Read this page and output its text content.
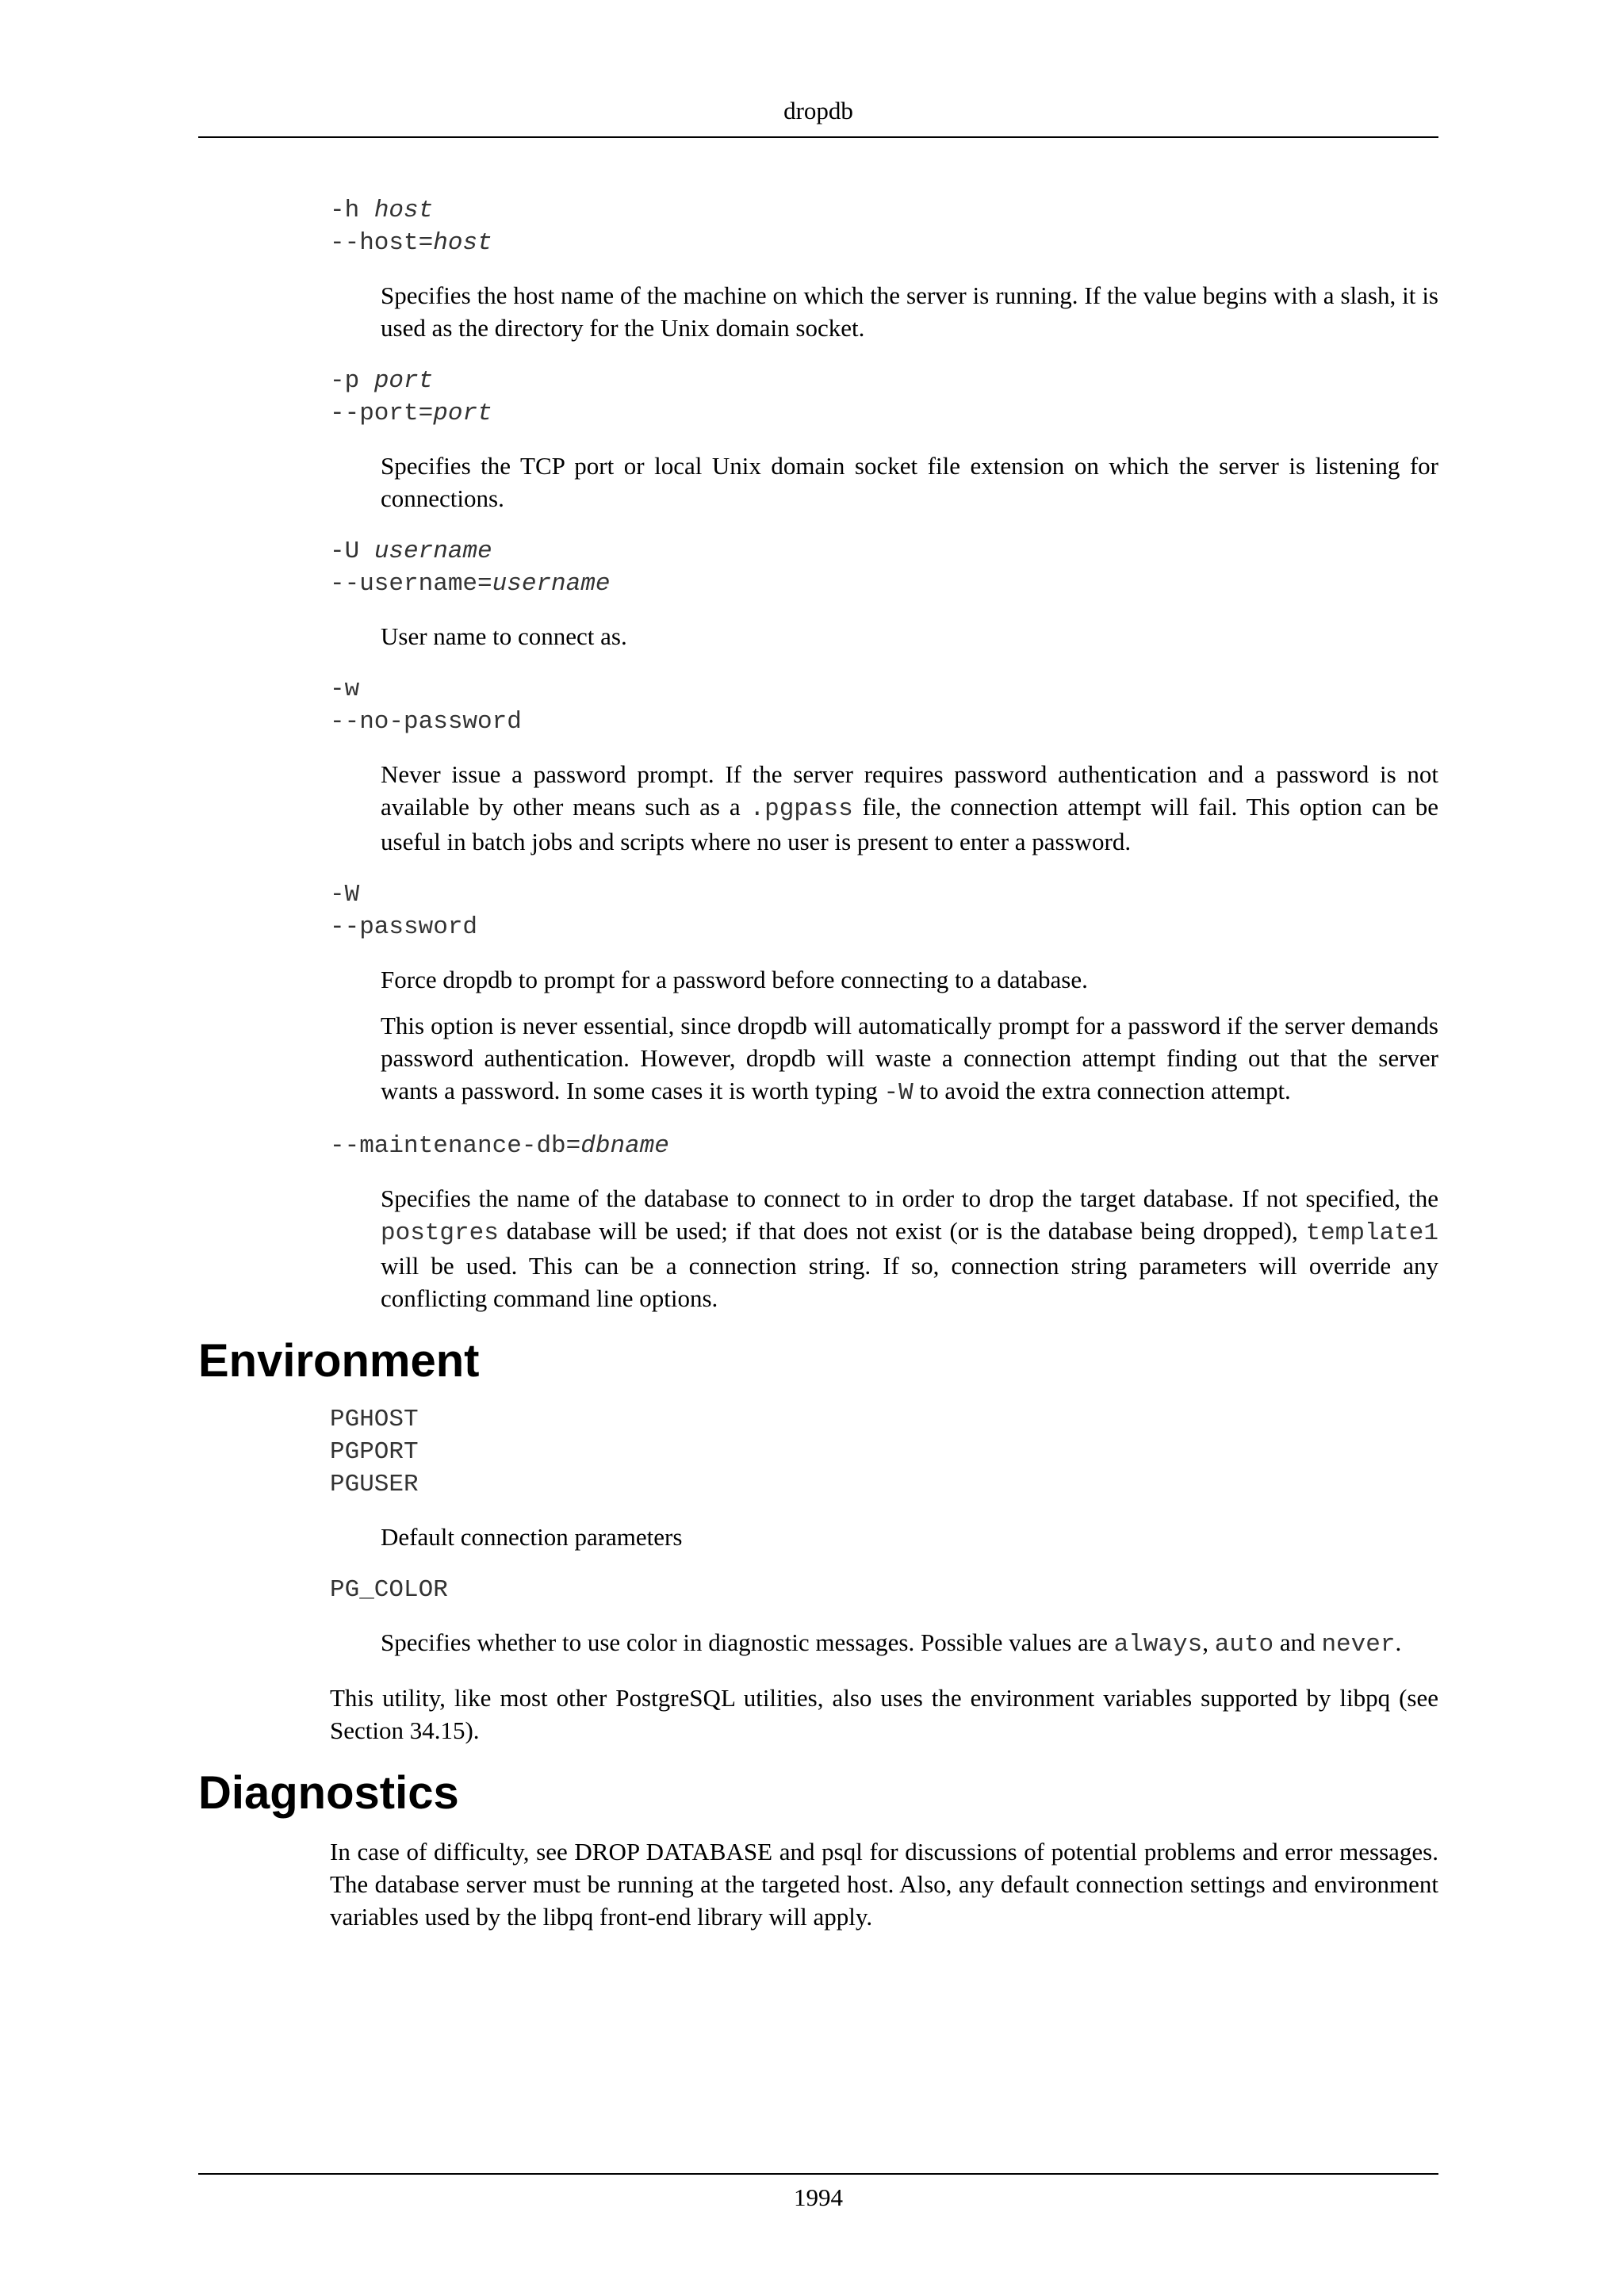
dropdb
-h host
--host=host

Specifies the host name of the machine on which the server is running. If the value begins with a slash, it is used as the directory for the Unix domain socket.

-p port
--port=port

Specifies the TCP port or local Unix domain socket file extension on which the server is listening for connections.

-U username
--username=username

User name to connect as.

-w
--no-password

Never issue a password prompt. If the server requires password authentication and a password is not available by other means such as a .pgpass file, the connection attempt will fail. This option can be useful in batch jobs and scripts where no user is present to enter a password.

-W
--password

Force dropdb to prompt for a password before connecting to a database.

This option is never essential, since dropdb will automatically prompt for a password if the server demands password authentication. However, dropdb will waste a connection attempt finding out that the server wants a password. In some cases it is worth typing -W to avoid the extra connection attempt.

--maintenance-db=dbname

Specifies the name of the database to connect to in order to drop the target database. If not specified, the postgres database will be used; if that does not exist (or is the database being dropped), template1 will be used. This can be a connection string. If so, connection string parameters will override any conflicting command line options.

Environment
PGHOST
PGPORT
PGUSER

Default connection parameters

PG_COLOR

Specifies whether to use color in diagnostic messages. Possible values are always, auto and never.

This utility, like most other PostgreSQL utilities, also uses the environment variables supported by libpq (see Section 34.15).

Diagnostics

In case of difficulty, see DROP DATABASE and psql for discussions of potential problems and error messages. The database server must be running at the targeted host. Also, any default connection settings and environment variables used by the libpq front-end library will apply.

1994
